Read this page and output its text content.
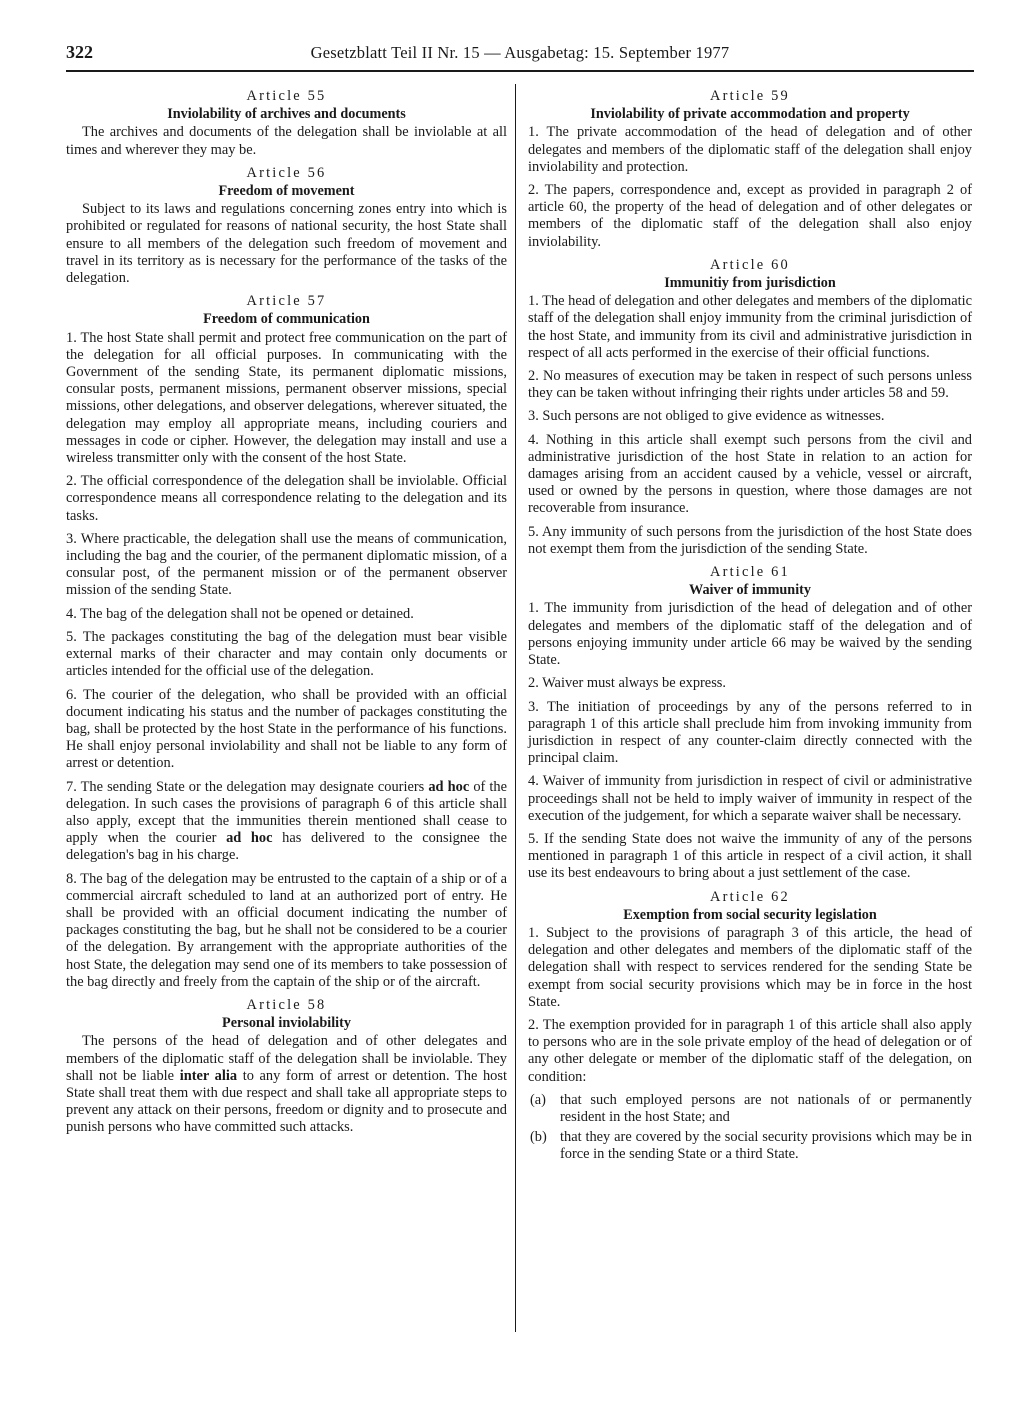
322	Gesetzblatt Teil II Nr. 15 — Ausgabetag: 15. September 1977
Article 55
Inviolability of archives and documents

The archives and documents of the delegation shall be inviolable at all times and wherever they may be.

Article 56
Freedom of movement

Subject to its laws and regulations concerning zones entry into which is prohibited or regulated for reasons of national security, the host State shall ensure to all members of the delegation such freedom of movement and travel in its territory as is necessary for the performance of the tasks of the delegation.

Article 57
Freedom of communication

1. The host State shall permit and protect free communication on the part of the delegation for all official purposes. In communicating with the Government of the sending State, its permanent diplomatic missions, consular posts, permanent missions, permanent observer missions, special missions, other delegations, and observer delegations, wherever situated, the delegation may employ all appropriate means, including couriers and messages in code or cipher. However, the delegation may install and use a wireless transmitter only with the consent of the host State.

2. The official correspondence of the delegation shall be inviolable. Official correspondence means all correspondence relating to the delegation and its tasks.

3. Where practicable, the delegation shall use the means of communication, including the bag and the courier, of the permanent diplomatic mission, of a consular post, of the permanent mission or of the permanent observer mission of the sending State.

4. The bag of the delegation shall not be opened or detained.

5. The packages constituting the bag of the delegation must bear visible external marks of their character and may contain only documents or articles intended for the official use of the delegation.

6. The courier of the delegation, who shall be provided with an official document indicating his status and the number of packages constituting the bag, shall be protected by the host State in the performance of his functions. He shall enjoy personal inviolability and shall not be liable to any form of arrest or detention.

7. The sending State or the delegation may designate couriers ad hoc of the delegation. In such cases the provisions of paragraph 6 of this article shall also apply, except that the immunities therein mentioned shall cease to apply when the courier ad hoc has delivered to the consignee the delegation's bag in his charge.

8. The bag of the delegation may be entrusted to the captain of a ship or of a commercial aircraft scheduled to land at an authorized port of entry. He shall be provided with an official document indicating the number of packages constituting the bag, but he shall not be considered to be a courier of the delegation. By arrangement with the appropriate authorities of the host State, the delegation may send one of its members to take possession of the bag directly and freely from the captain of the ship or of the aircraft.

Article 58
Personal inviolability

The persons of the head of delegation and of other delegates and members of the diplomatic staff of the delegation shall be inviolable. They shall not be liable inter alia to any form of arrest or detention. The host State shall treat them with due respect and shall take all appropriate steps to prevent any attack on their persons, freedom or dignity and to prosecute and punish persons who have committed such attacks.

Article 59
Inviolability of private accommodation and property

1. The private accommodation of the head of delegation and of other delegates and members of the diplomatic staff of the delegation shall enjoy inviolability and protection.

2. The papers, correspondence and, except as provided in paragraph 2 of article 60, the property of the head of delegation and of other delegates or members of the diplomatic staff of the delegation shall also enjoy inviolability.

Article 60
Immunitiy from jurisdiction

1. The head of delegation and other delegates and members of the diplomatic staff of the delegation shall enjoy immunity from the criminal jurisdiction of the host State, and immunity from its civil and administrative jurisdiction in respect of all acts performed in the exercise of their official functions.

2. No measures of execution may be taken in respect of such persons unless they can be taken without infringing their rights under articles 58 and 59.

3. Such persons are not obliged to give evidence as witnesses.

4. Nothing in this article shall exempt such persons from the civil and administrative jurisdiction of the host State in relation to an action for damages arising from an accident caused by a vehicle, vessel or aircraft, used or owned by the persons in question, where those damages are not recoverable from insurance.

5. Any immunity of such persons from the jurisdiction of the host State does not exempt them from the jurisdiction of the sending State.

Article 61
Waiver of immunity

1. The immunity from jurisdiction of the head of delegation and of other delegates and members of the diplomatic staff of the delegation and of persons enjoying immunity under article 66 may be waived by the sending State.

2. Waiver must always be express.

3. The initiation of proceedings by any of the persons referred to in paragraph 1 of this article shall preclude him from invoking immunity from jurisdiction in respect of any counter-claim directly connected with the principal claim.

4. Waiver of immunity from jurisdiction in respect of civil or administrative proceedings shall not be held to imply waiver of immunity in respect of the execution of the judgement, for which a separate waiver shall be necessary.

5. If the sending State does not waive the immunity of any of the persons mentioned in paragraph 1 of this article in respect of a civil action, it shall use its best endeavours to bring about a just settlement of the case.

Article 62
Exemption from social security legislation

1. Subject to the provisions of paragraph 3 of this article, the head of delegation and other delegates and members of the diplomatic staff of the delegation shall with respect to services rendered for the sending State be exempt from social security provisions which may be in force in the host State.

2. The exemption provided for in paragraph 1 of this article shall also apply to persons who are in the sole private employ of the head of delegation or of any other delegate or member of the diplomatic staff of the delegation, on condition:

(a) that such employed persons are not nationals of or permanently resident in the host State; and
(b) that they are covered by the social security provisions which may be in force in the sending State or a third State.
